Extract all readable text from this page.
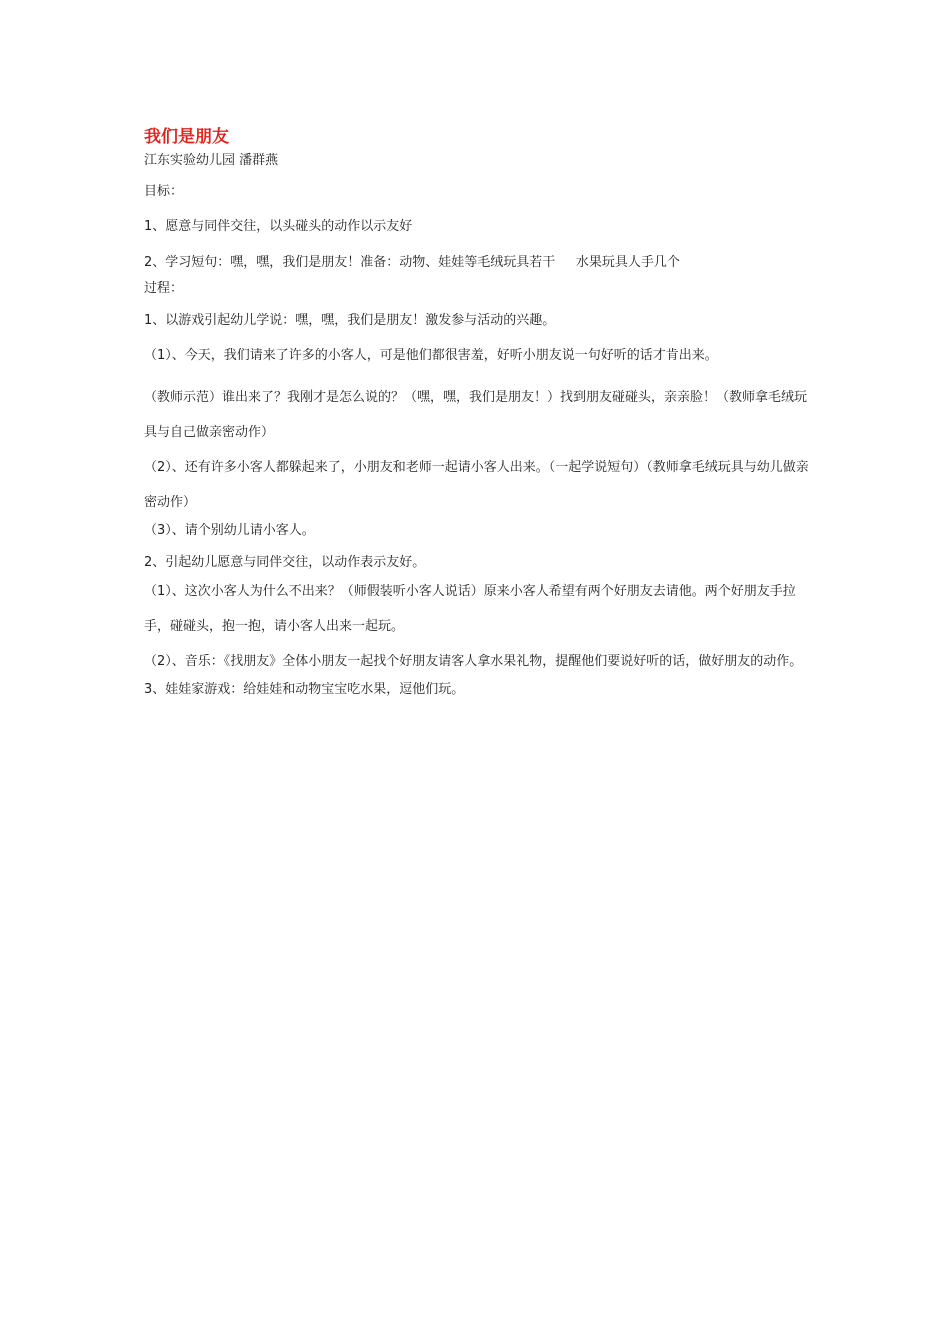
我们是朋友
江东实验幼儿园 潘群燕
目标：
1、愿意与同伴交往，以头碰头的动作以示友好
2、学习短句：嘿，嘿，我们是朋友！准备：动物、娃娃等毛绒玩具若干     水果玩具人手几个
过程：
1、以游戏引起幼儿学说：嘿，嘿，我们是朋友！激发参与活动的兴趣。
（1）、今天，我们请来了许多的小客人，可是他们都很害羞，好听小朋友说一句好听的话才肯出来。
（教师示范）谁出来了？我刚才是怎么说的？（嘿，嘿，我们是朋友！）找到朋友碰碰头，亲亲脸！（教师拿毛绒玩具与自己做亲密动作）
（2）、还有许多小客人都躲起来了，小朋友和老师一起请小客人出来。（一起学说短句）（教师拿毛绒玩具与幼儿做亲密动作）
（3）、请个别幼儿请小客人。
2、引起幼儿愿意与同伴交往，以动作表示友好。
（1）、这次小客人为什么不出来？（师假装听小客人说话）原来小客人希望有两个好朋友去请他。两个好朋友手拉手，碰碰头，抱一抱，请小客人出来一起玩。
（2）、音乐：《找朋友》全体小朋友一起找个好朋友请客人拿水果礼物，提醒他们要说好听的话，做好朋友的动作。
3、娃娃家游戏：给娃娃和动物宝宝吃水果，逗他们玩。
